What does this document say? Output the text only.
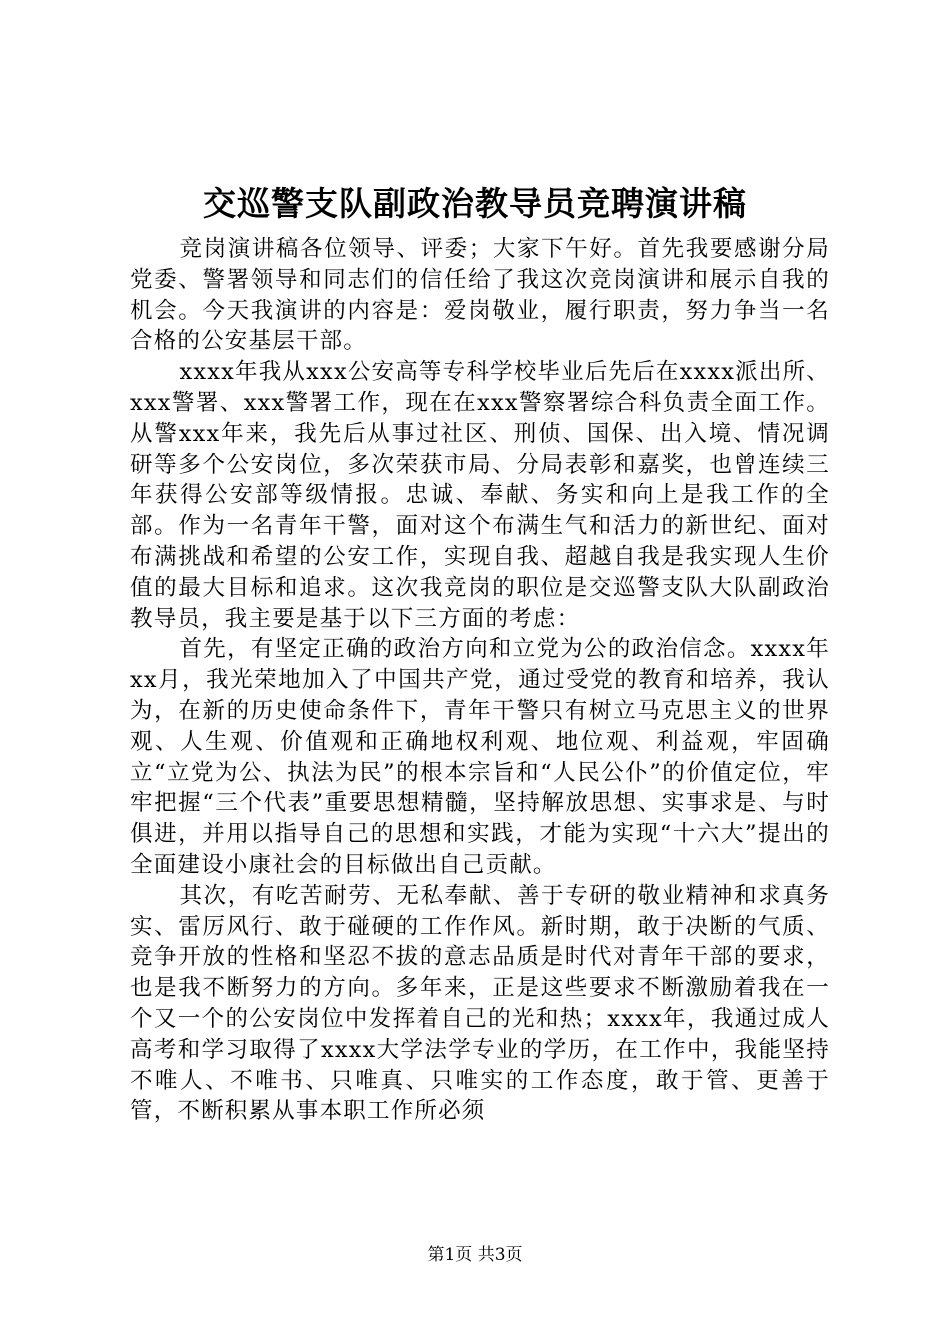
交巡警支队副政治教导员竞聘演讲稿

竞岗演讲稿各位领导、评委；大家下午好。首先我要感谢分局党委、警署领导和同志们的信任给了我这次竞岗演讲和展示自我的机会。今天我演讲的内容是：爱岗敬业，履行职责，努力争当一名合格的公安基层干部。

xxxx年我从xxx公安高等专科学校毕业后先后在xxxx派出所、xxx警署、xxx警署工作，现在在xxx警察署综合科负责全面工作。从警xxx年来，我先后从事过社区、刑侦、国保、出入境、情况调研等多个公安岗位，多次荣获市局、分局表彰和嘉奖，也曾连续三年获得公安部等级情报。忠诚、奉献、务实和向上是我工作的全部。作为一名青年干警，面对这个布满生气和活力的新世纪、面对布满挑战和希望的公安工作，实现自我、超越自我是我实现人生价值的最大目标和追求。这次我竞岗的职位是交巡警支队大队副政治教导员，我主要是基于以下三方面的考虑：

首先，有坚定正确的政治方向和立党为公的政治信念。xxxx年xx月，我光荣地加入了中国共产党，通过受党的教育和培养，我认为，在新的历史使命条件下，青年干警只有树立马克思主义的世界观、人生观、价值观和正确地权利观、地位观、利益观，牢固确立“立党为公、执法为民”的根本宗旨和“人民公仆”的价值定位，牢牢把握“三个代表”重要思想精髓，坚持解放思想、实事求是、与时俱进，并用以指导自己的思想和实践，才能为实现“十六大”提出的全面建设小康社会的目标做出自己贡献。

其次，有吃苦耐劳、无私奉献、善于专研的敬业精神和求真务实、雷厉风行、敢于碰硬的工作作风。新时期，敢于决断的气质、竞争开放的性格和坚忍不拔的意志品质是时代对青年干部的要求，也是我不断努力的方向。多年来，正是这些要求不断激励着我在一个又一个的公安岗位中发挥着自己的光和热；xxxx年，我通过成人高考和学习取得了xxxx大学法学专业的学历，在工作中，我能坚持不唯人、不唯书、只唯真、只唯实的工作态度，敢于管、更善于管，不断积累从事本职工作所必须

第1页 共3页
